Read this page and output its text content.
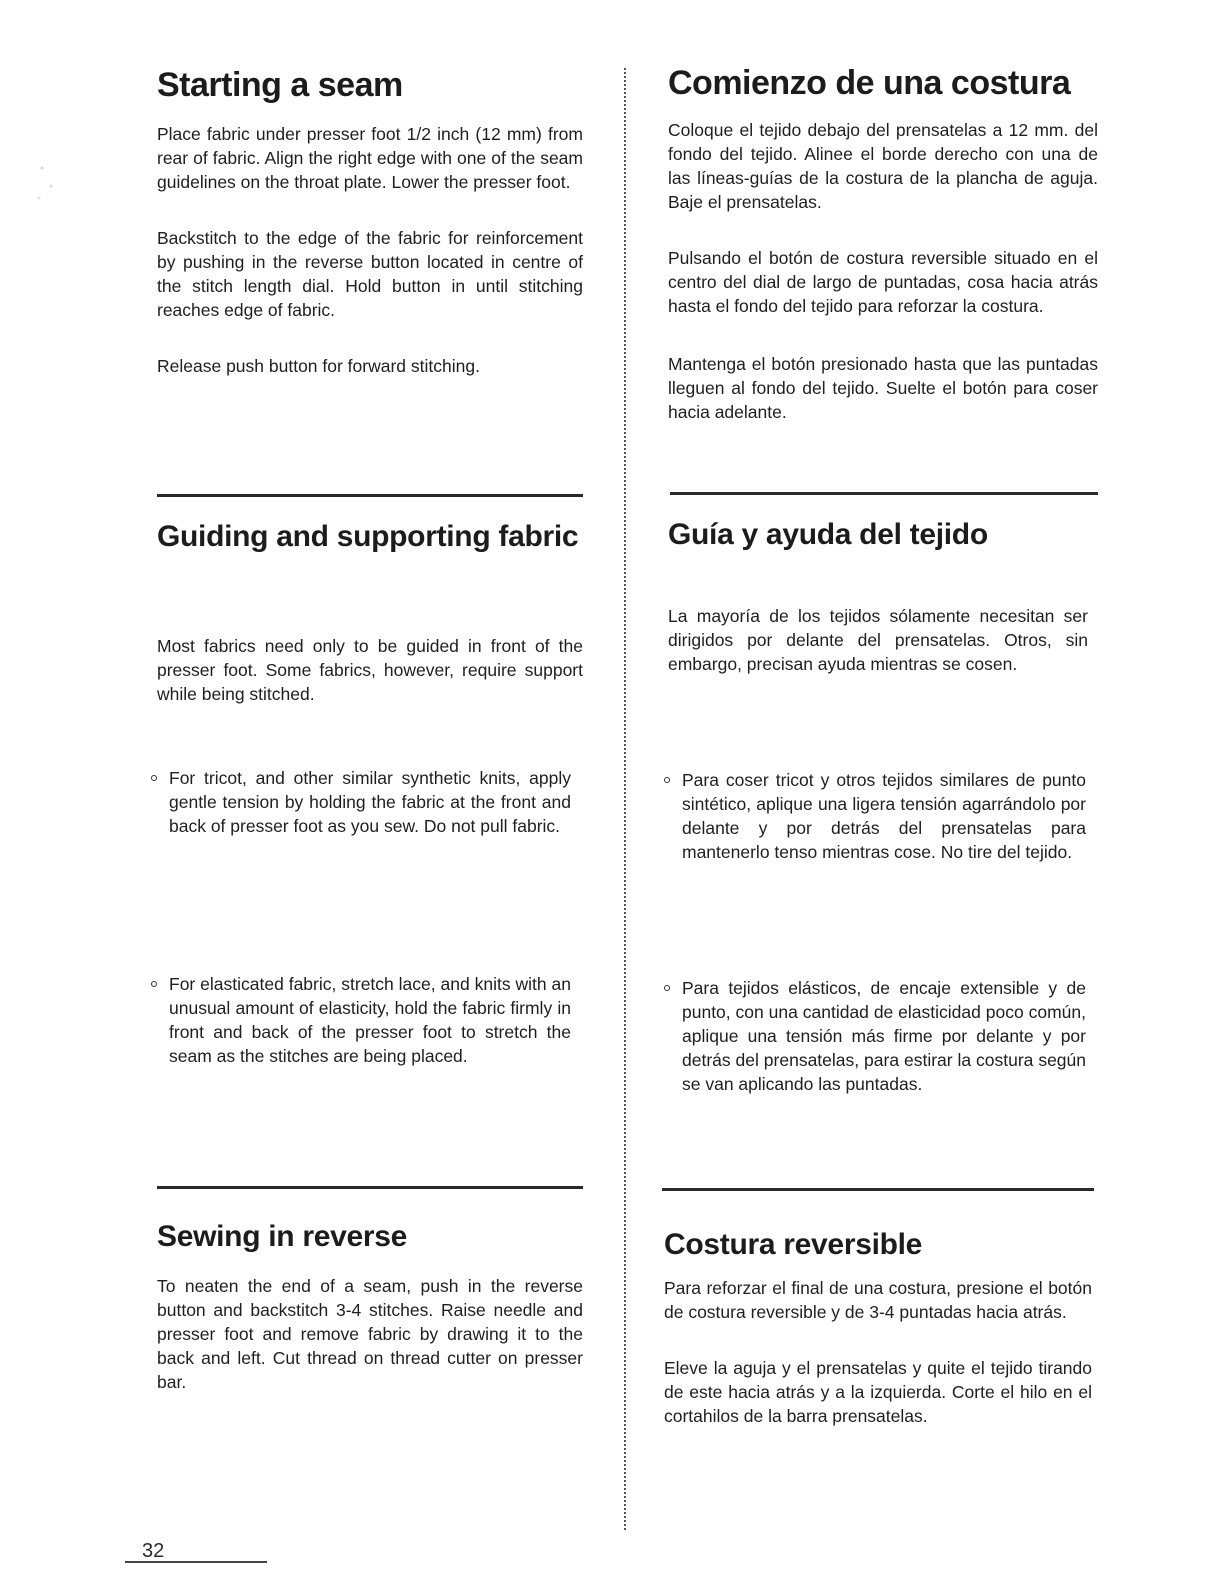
Starting a seam

Place fabric under presser foot 1/2 inch (12 mm) from rear of fabric. Align the right edge with one of the seam guidelines on the throat plate. Lower the presser foot.

Backstitch to the edge of the fabric for reinforcement by pushing in the reverse button located in centre of the stitch length dial. Hold button in until stitching reaches edge of fabric.

Release push button for forward stitching.

Guiding and supporting fabric

Most fabrics need only to be guided in front of the presser foot. Some fabrics, however, require support while being stitched.

For tricot, and other similar synthetic knits, apply gentle tension by holding the fabric at the front and back of presser foot as you sew. Do not pull fabric.
For elasticated fabric, stretch lace, and knits with an unusual amount of elasticity, hold the fabric firmly in front and back of the presser foot to stretch the seam as the stitches are being placed.
Sewing in reverse

To neaten the end of a seam, push in the reverse button and backstitch 3-4 stitches. Raise needle and presser foot and remove fabric by drawing it to the back and left. Cut thread on thread cutter on presser bar.

Comienzo de una costura

Coloque el tejido debajo del prensatelas a 12 mm. del fondo del tejido. Alinee el borde derecho con una de las líneas-guías de la costura de la plancha de aguja. Baje el prensatelas.

Pulsando el botón de costura reversible situado en el centro del dial de largo de puntadas, cosa hacia atrás hasta el fondo del tejido para reforzar la costura.

Mantenga el botón presionado hasta que las puntadas lleguen al fondo del tejido. Suelte el botón para coser hacia adelante.

Guía y ayuda del tejido

La mayoría de los tejidos sólamente necesitan ser dirigidos por delante del prensatelas. Otros, sin embargo, precisan ayuda mientras se cosen.

Para coser tricot y otros tejidos similares de punto sintético, aplique una ligera tensión agarrándolo por delante y por detrás del prensatelas para mantenerlo tenso mientras cose. No tire del tejido.
Para tejidos elásticos, de encaje extensible y de punto, con una cantidad de elasticidad poco común, aplique una tensión más firme por delante y por detrás del prensatelas, para estirar la costura según se van aplicando las puntadas.
Costura reversible

Para reforzar el final de una costura, presione el botón de costura reversible y de 3-4 puntadas hacia atrás.

Eleve la aguja y el prensatelas y quite el tejido tirando de este hacia atrás y a la izquierda. Corte el hilo en el cortahilos de la barra prensatelas.

32
